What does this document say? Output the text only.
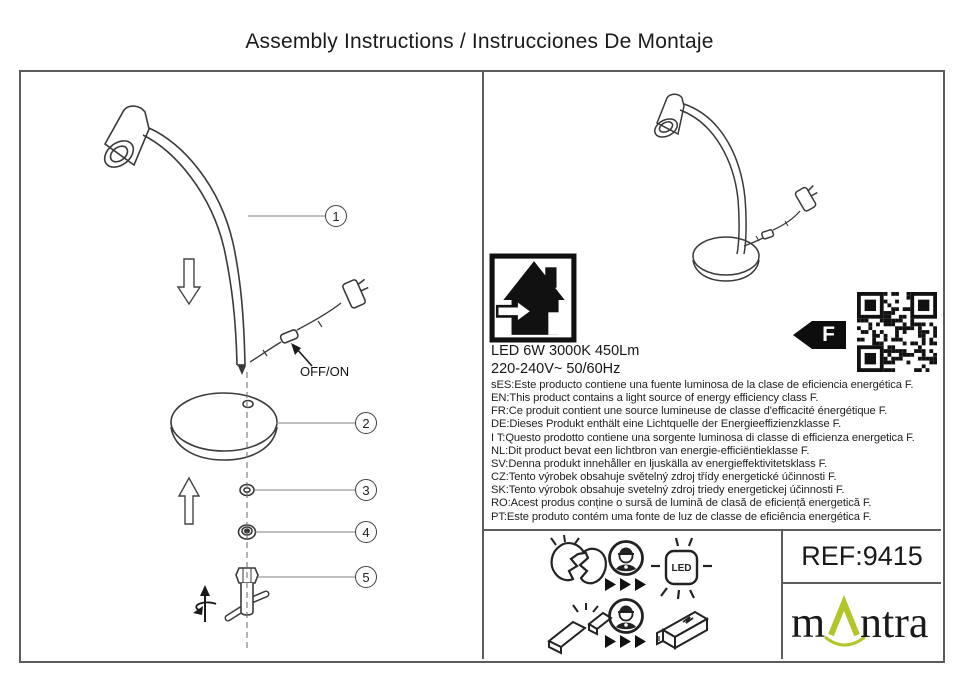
Assembly Instructions / Instrucciones De Montaje
1
2
3
4
5
OFF/ON
LED 6W 3000K 450Lm
220-240V~ 50/60Hz
sES:Este producto contiene una fuente luminosa de la clase de eficiencia energética F.
EN:This product contains a light source of energy efficiency class F.
FR:Ce produit contient une source lumineuse de classe d'efficacité énergétique F.
DE:Dieses Produkt enthält eine Lichtquelle der Energieeffizienzklasse F.
I T:Questo prodotto contiene una sorgente luminosa di classe di efficienza energetica F.
NL:Dit product bevat een lichtbron van energie-efficiëntieklasse F.
SV:Denna produkt innehåller en ljuskälla av energieffektivitetsklass F.
CZ:Tento výrobek obsahuje světelný zdroj třídy energetické účinnosti F.
SK:Tento výrobok obsahuje svetelný zdroj triedy energetickej účinnosti F.
RO:Acest produs conține o sursă de lumină de clasă de eficiență energetică F.
PT:Este produto contém uma fonte de luz de classe de eficiência energética F.
F
LED	REF:9415
m ntra
